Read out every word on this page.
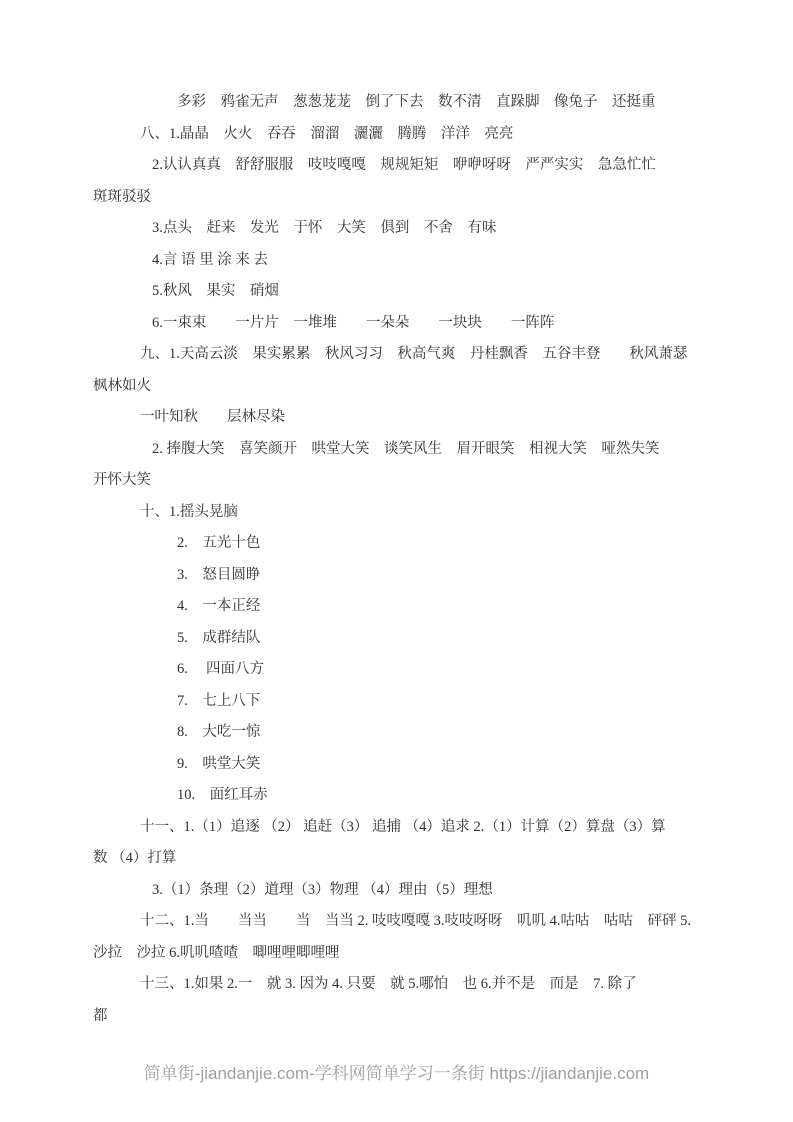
多彩　鸦雀无声　葱葱茏茏　倒了下去　数不清　直跺脚　像兔子　还挺重
八、1.晶晶　火火　吞吞　溜溜　灑灑　腾腾　洋洋　亮亮
2.认认真真　舒舒服服　吱吱嘎嘎　规规矩矩　咿咿呀呀　严严实实　急急忙忙
斑斑驳驳
3.点头　赶来　发光　于怀　大笑　俱到　不舍　有味
4.言 语 里 涂 来 去
5.秋风　果实　硝烟
6.一束束　　一片片　一堆堆　　一朵朵　　一块块　　一阵阵
九、1.天高云淡　果实累累　秋风习习　秋高气爽　丹桂飘香　五谷丰登　　秋风萧瑟
枫林如火
一叶知秋　　层林尽染
2. 捧腹大笑　喜笑颜开　哄堂大笑　谈笑风生　眉开眼笑　相视大笑　哑然失笑
开怀大笑
十、1.摇头晃脑
2.　五光十色
3.　怒目圆睁
4.　一本正经
5.　成群结队
6.　 四面八方
7.　七上八下
8.　大吃一惊
9.　哄堂大笑
10.　面红耳赤
十一、1.（1）追逐 （2） 追赶（3） 追捕 （4）追求 2.（1）计算（2）算盘（3）算
数 （4）打算
3.（1）条理（2）道理（3）物理 （4）理由（5）理想
十二、1.当　　当当　　当　当当 2. 吱吱嘎嘎 3.吱吱呀呀　叽叽 4.咕咕　咕咕　砰砰 5.
沙拉　沙拉 6.叽叽喳喳　唧哩哩唧哩哩
十三、1.如果 2.一　就 3. 因为 4. 只要　就 5.哪怕　也 6.并不是　而是　7. 除了
都
简单街-jiandanjie.com-学科网简单学习一条街 https://jiandanjie.com
